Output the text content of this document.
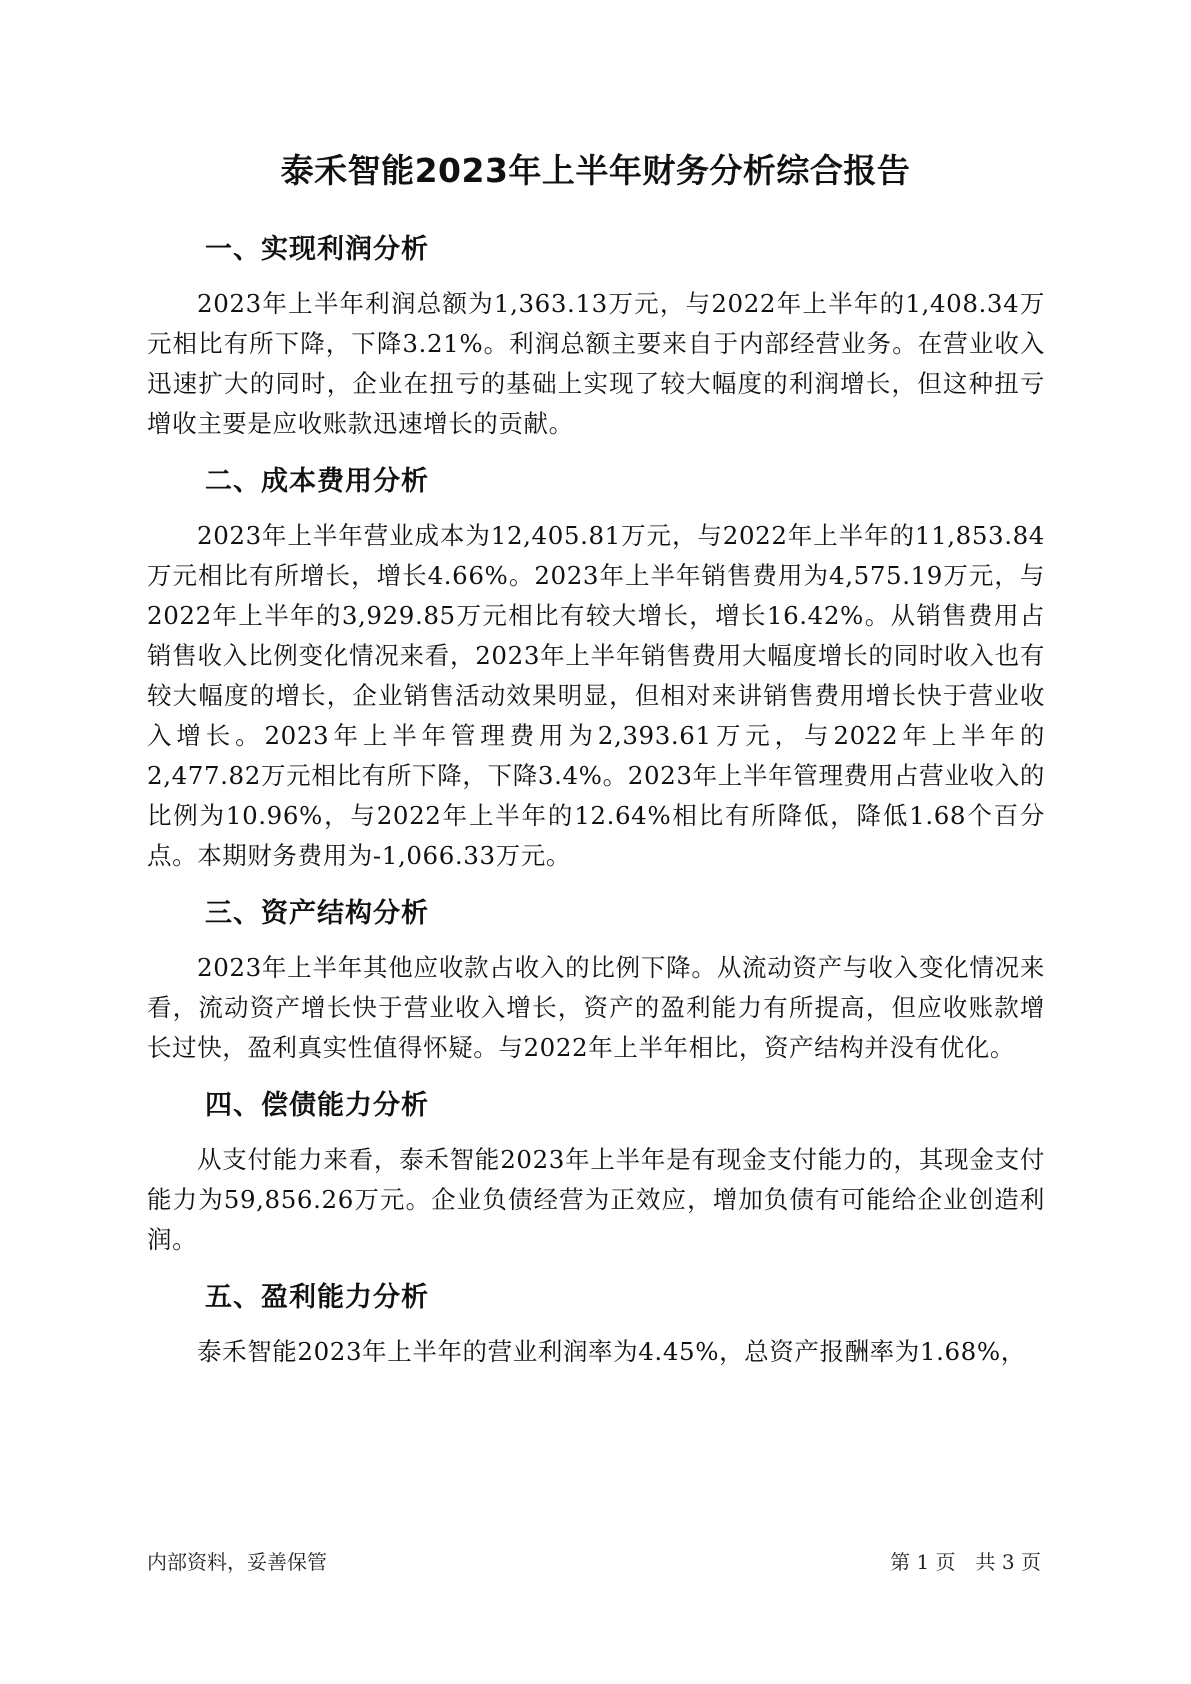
泰禾智能2023年上半年财务分析综合报告
一、实现利润分析

2023年上半年利润总额为1,363.13万元，与2022年上半年的1,408.34万元相比有所下降，下降3.21%。利润总额主要来自于内部经营业务。在营业收入迅速扩大的同时，企业在扭亏的基础上实现了较大幅度的利润增长，但这种扭亏增收主要是应收账款迅速增长的贡献。

二、成本费用分析

2023年上半年营业成本为12,405.81万元，与2022年上半年的11,853.84万元相比有所增长，增长4.66%。2023年上半年销售费用为4,575.19万元，与2022年上半年的3,929.85万元相比有较大增长，增长16.42%。从销售费用占销售收入比例变化情况来看，2023年上半年销售费用大幅度增长的同时收入也有较大幅度的增长，企业销售活动效果明显，但相对来讲销售费用增长快于营业收入增长。2023年上半年管理费用为2,393.61万元，与2022年上半年的2,477.82万元相比有所下降，下降3.4%。2023年上半年管理费用占营业收入的比例为10.96%，与2022年上半年的12.64%相比有所降低，降低1.68个百分点。本期财务费用为-1,066.33万元。

三、资产结构分析

2023年上半年其他应收款占收入的比例下降。从流动资产与收入变化情况来看，流动资产增长快于营业收入增长，资产的盈利能力有所提高，但应收账款增长过快，盈利真实性值得怀疑。与2022年上半年相比，资产结构并没有优化。

四、偿债能力分析

从支付能力来看，泰禾智能2023年上半年是有现金支付能力的，其现金支付能力为59,856.26万元。企业负债经营为正效应，增加负债有可能给企业创造利润。

五、盈利能力分析

泰禾智能2023年上半年的营业利润率为4.45%，总资产报酬率为1.68%，

内部资料，妥善保管	第 1 页　共 3 页
